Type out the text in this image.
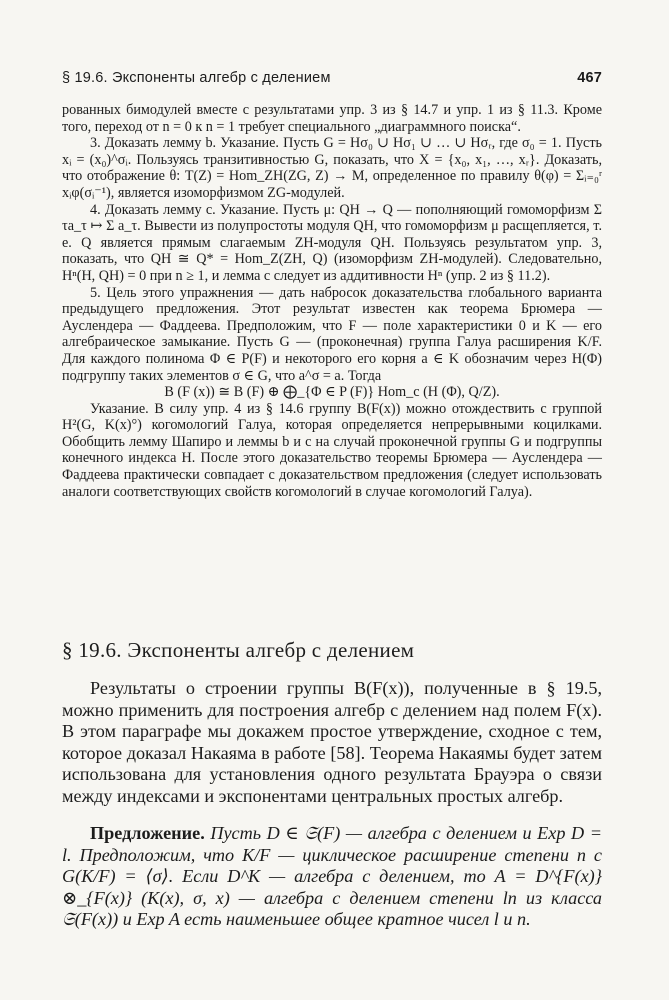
§ 19.6. Экспоненты алгебр с делением	467

рованных бимодулей вместе с результатами упр. 3 из § 14.7 и упр. 1 из § 11.3. Кроме того, переход от n = 0 к n = 1 требует специального „диаграммного поиска“.

3. Доказать лемму b. Указание. Пусть G = Hσ₀ ∪ Hσ₁ ∪ … ∪ Hσᵣ, где σ₀ = 1. Пусть xᵢ = (x₀)^σᵢ. Пользуясь транзитивностью G, показать, что X = {x₀, x₁, …, xᵣ}. Доказать, что отображение θ: T(Z) = Hom_ZH(ZG, Z) → M, определенное по правилу θ(φ) = Σᵢ₌₀ʳ xᵢφ(σᵢ⁻¹), является изоморфизмом ZG-модулей.

4. Доказать лемму с. Указание. Пусть μ: QH → Q — пополняющий гомоморфизм Σ τa_τ ↦ Σ a_τ. Вывести из полупростоты модуля QH, что гомоморфизм μ расщепляется, т. е. Q является прямым слагаемым ZH-модуля QH. Пользуясь результатом упр. 3, показать, что QH ≅ Q* = Hom_Z(ZH, Q) (изоморфизм ZH-модулей). Следовательно, Hⁿ(H, QH) = 0 при n ≥ 1, и лемма с следует из аддитивности Hⁿ (упр. 2 из § 11.2).

5. Цель этого упражнения — дать набросок доказательства глобального варианта предыдущего предложения. Этот результат известен как теорема Брюмера — Ауслендера — Фаддеева. Предположим, что F — поле характеристики 0 и K — его алгебраическое замыкание. Пусть G — (проконечная) группа Галуа расширения K/F. Для каждого полинома Φ ∈ P(F) и некоторого его корня a ∈ K обозначим через H(Φ) подгруппу таких элементов σ ∈ G, что a^σ = a. Тогда

B (F (x)) ≅ B (F) ⊕ ⨁_{Φ ∈ P (F)} Hom_c (H (Φ), Q/Z).

Указание. В силу упр. 4 из § 14.6 группу B(F(x)) можно отождествить с группой H²(G, K(x)°) когомологий Галуа, которая определяется непрерывными коцилками. Обобщить лемму Шапиро и леммы b и c на случай проконечной группы G и подгруппы конечного индекса H. После этого доказательство теоремы Брюмера — Ауслендера — Фаддеева практически совпадает с доказательством предложения (следует использовать аналоги соответствующих свойств когомологий в случае когомологий Галуа).

§ 19.6. Экспоненты алгебр с делением

Результаты о строении группы B(F(x)), полученные в § 19.5, можно применить для построения алгебр с делением над полем F(x). В этом параграфе мы докажем простое утверждение, сходное с тем, которое доказал Накаяма в работе [58]. Теорема Накаямы будет затем использована для установления одного результата Брауэра о связи между индексами и экспонентами центральных простых алгебр.

Предложение. Пусть D ∈ 𝔖(F) — алгебра с делением и Exp D = l. Предположим, что K/F — циклическое расширение степени n с G(K/F) = ⟨σ⟩. Если D^K — алгебра с делением, то A = D^{F(x)} ⊗_{F(x)} (K(x), σ, x) — алгебра с делением степени ln из класса 𝔖(F(x)) и Exp A есть наименьшее общее кратное чисел l и n.
